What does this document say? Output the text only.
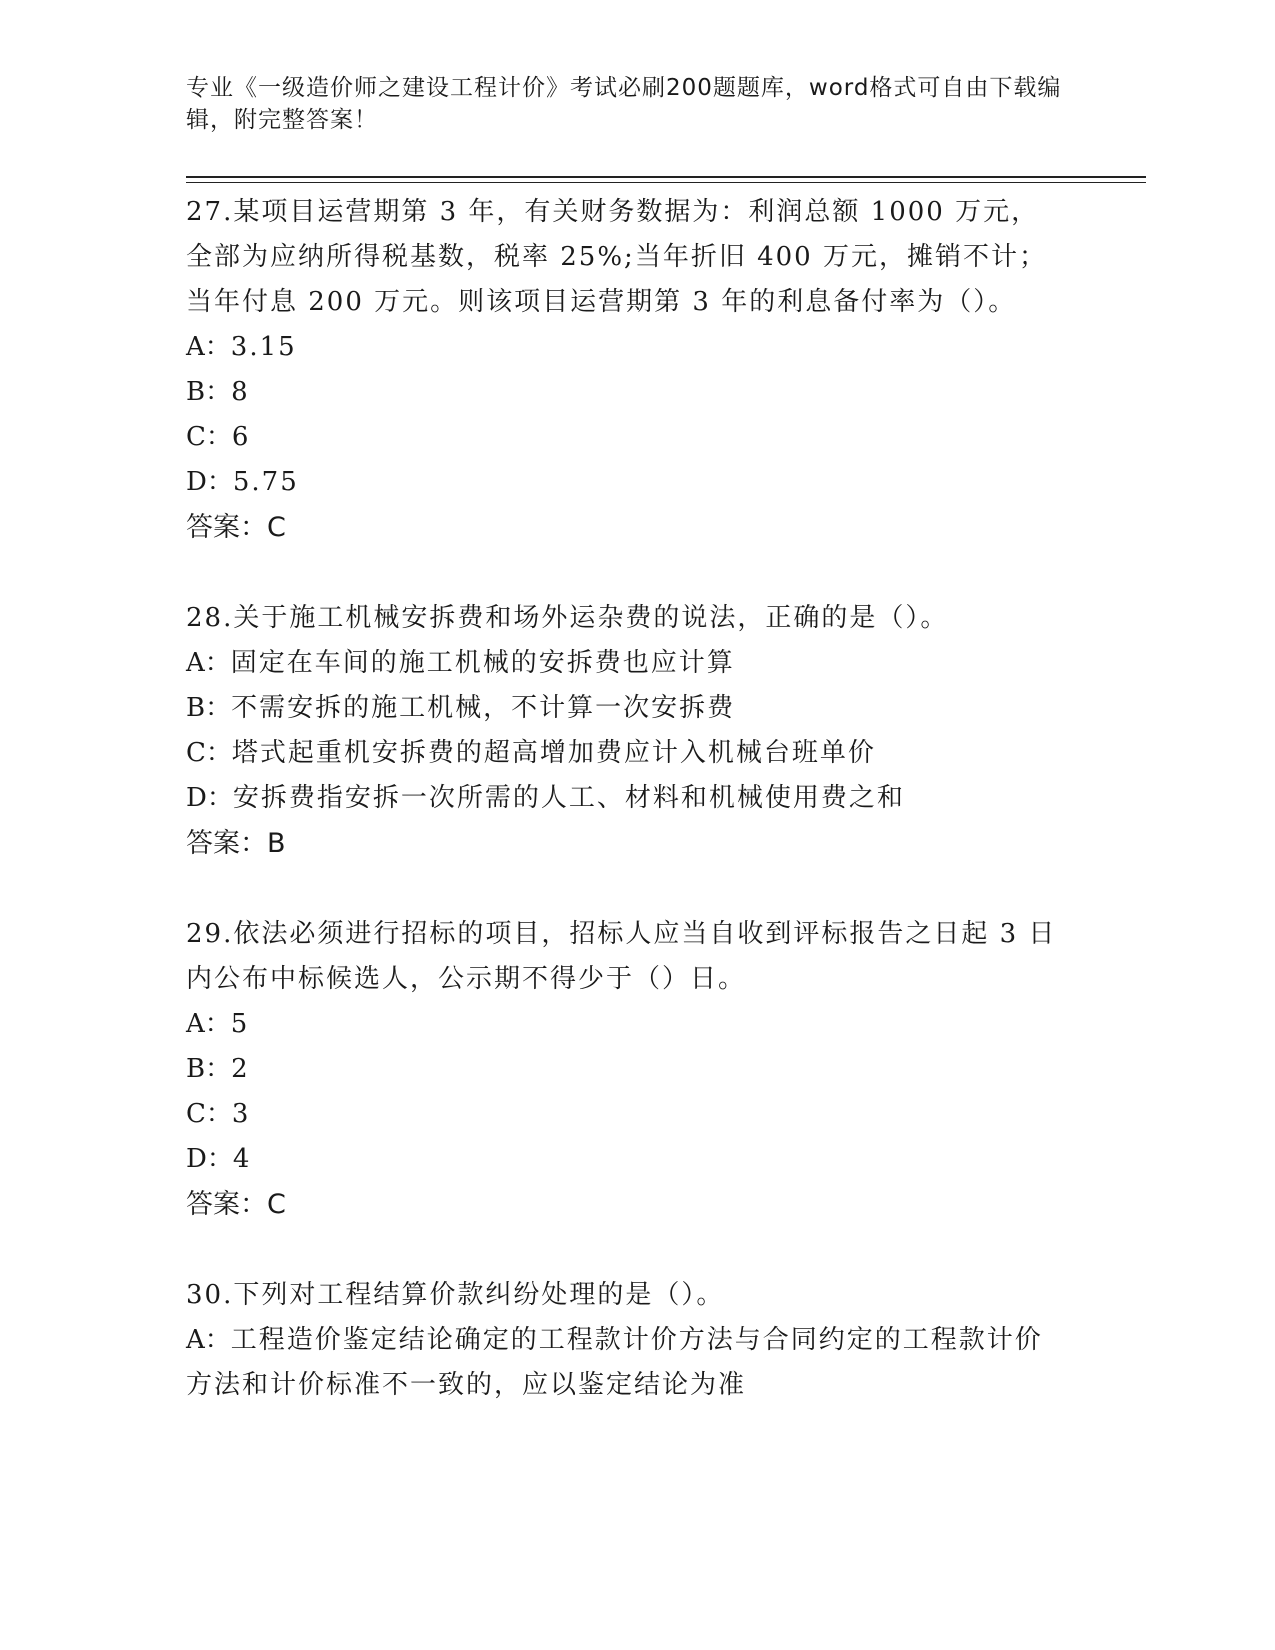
专业《一级造价师之建设工程计价》考试必刷200题题库，word格式可自由下载编辑，附完整答案！

27.某项目运营期第 3 年，有关财务数据为：利润总额 1000 万元，全部为应纳所得税基数，税率 25%;当年折旧 400 万元，摊销不计；当年付息 200 万元。则该项目运营期第 3 年的利息备付率为（）。

A：3.15

B：8

C：6

D：5.75

答案：C

28.关于施工机械安拆费和场外运杂费的说法，正确的是（）。

A：固定在车间的施工机械的安拆费也应计算

B：不需安拆的施工机械，不计算一次安拆费

C：塔式起重机安拆费的超高增加费应计入机械台班单价

D：安拆费指安拆一次所需的人工、材料和机械使用费之和

答案：B

29.依法必须进行招标的项目，招标人应当自收到评标报告之日起 3 日内公布中标候选人，公示期不得少于（）日。

A：5

B：2

C：3

D：4

答案：C

30.下列对工程结算价款纠纷处理的是（）。

A：工程造价鉴定结论确定的工程款计价方法与合同约定的工程款计价方法和计价标准不一致的，应以鉴定结论为准
